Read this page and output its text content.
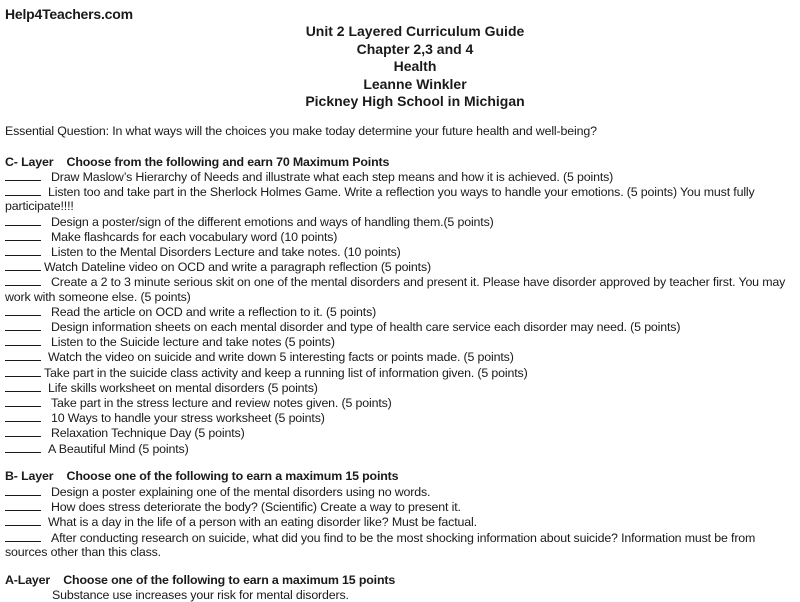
Help4Teachers.com
Unit 2 Layered Curriculum Guide
Chapter 2,3 and 4
Health
Leanne Winkler
Pickney High School in Michigan
Essential Question: In what ways will the choices you make today determine your future health and well-being?
C- Layer    Choose from the following and earn 70 Maximum Points
Draw Maslow’s Hierarchy of Needs and illustrate what each step means and how it is achieved. (5 points)
Listen too and take part in the Sherlock Holmes Game. Write a reflection you ways to handle your emotions. (5 points) You must fully participate!!!!
Design a poster/sign of the different emotions and ways of handling them.(5 points)
Make flashcards for each vocabulary word (10 points)
Listen to the Mental Disorders Lecture and take notes. (10 points)
Watch Dateline video on OCD and write a paragraph reflection (5 points)
Create a 2 to 3 minute serious skit on one of the mental disorders and present it. Please have disorder approved by teacher first. You may work with someone else. (5 points)
Read the article on OCD and write a reflection to it. (5 points)
Design information sheets on each mental disorder and type of health care service each disorder may need. (5 points)
Listen to the Suicide lecture and take notes (5 points)
Watch the video on suicide and write down 5 interesting facts or points made. (5 points)
Take part in the suicide class activity and keep a running list of information given. (5 points)
Life skills worksheet on mental disorders (5 points)
Take part in the stress lecture and review notes given. (5 points)
10 Ways to handle your stress worksheet (5 points)
Relaxation Technique Day (5 points)
A Beautiful Mind (5 points)
B- Layer    Choose one of the following to earn a maximum 15 points
Design a poster explaining one of the mental disorders using no words.
How does stress deteriorate the body? (Scientific) Create a way to present it.
What is a day in the life of a person with an eating disorder like? Must be factual.
After conducting research on suicide, what did you find to be the most shocking information about suicide? Information must be from sources other than this class.
A-Layer    Choose one of the following to earn a maximum 15 points
Substance use increases your risk for mental disorders.
